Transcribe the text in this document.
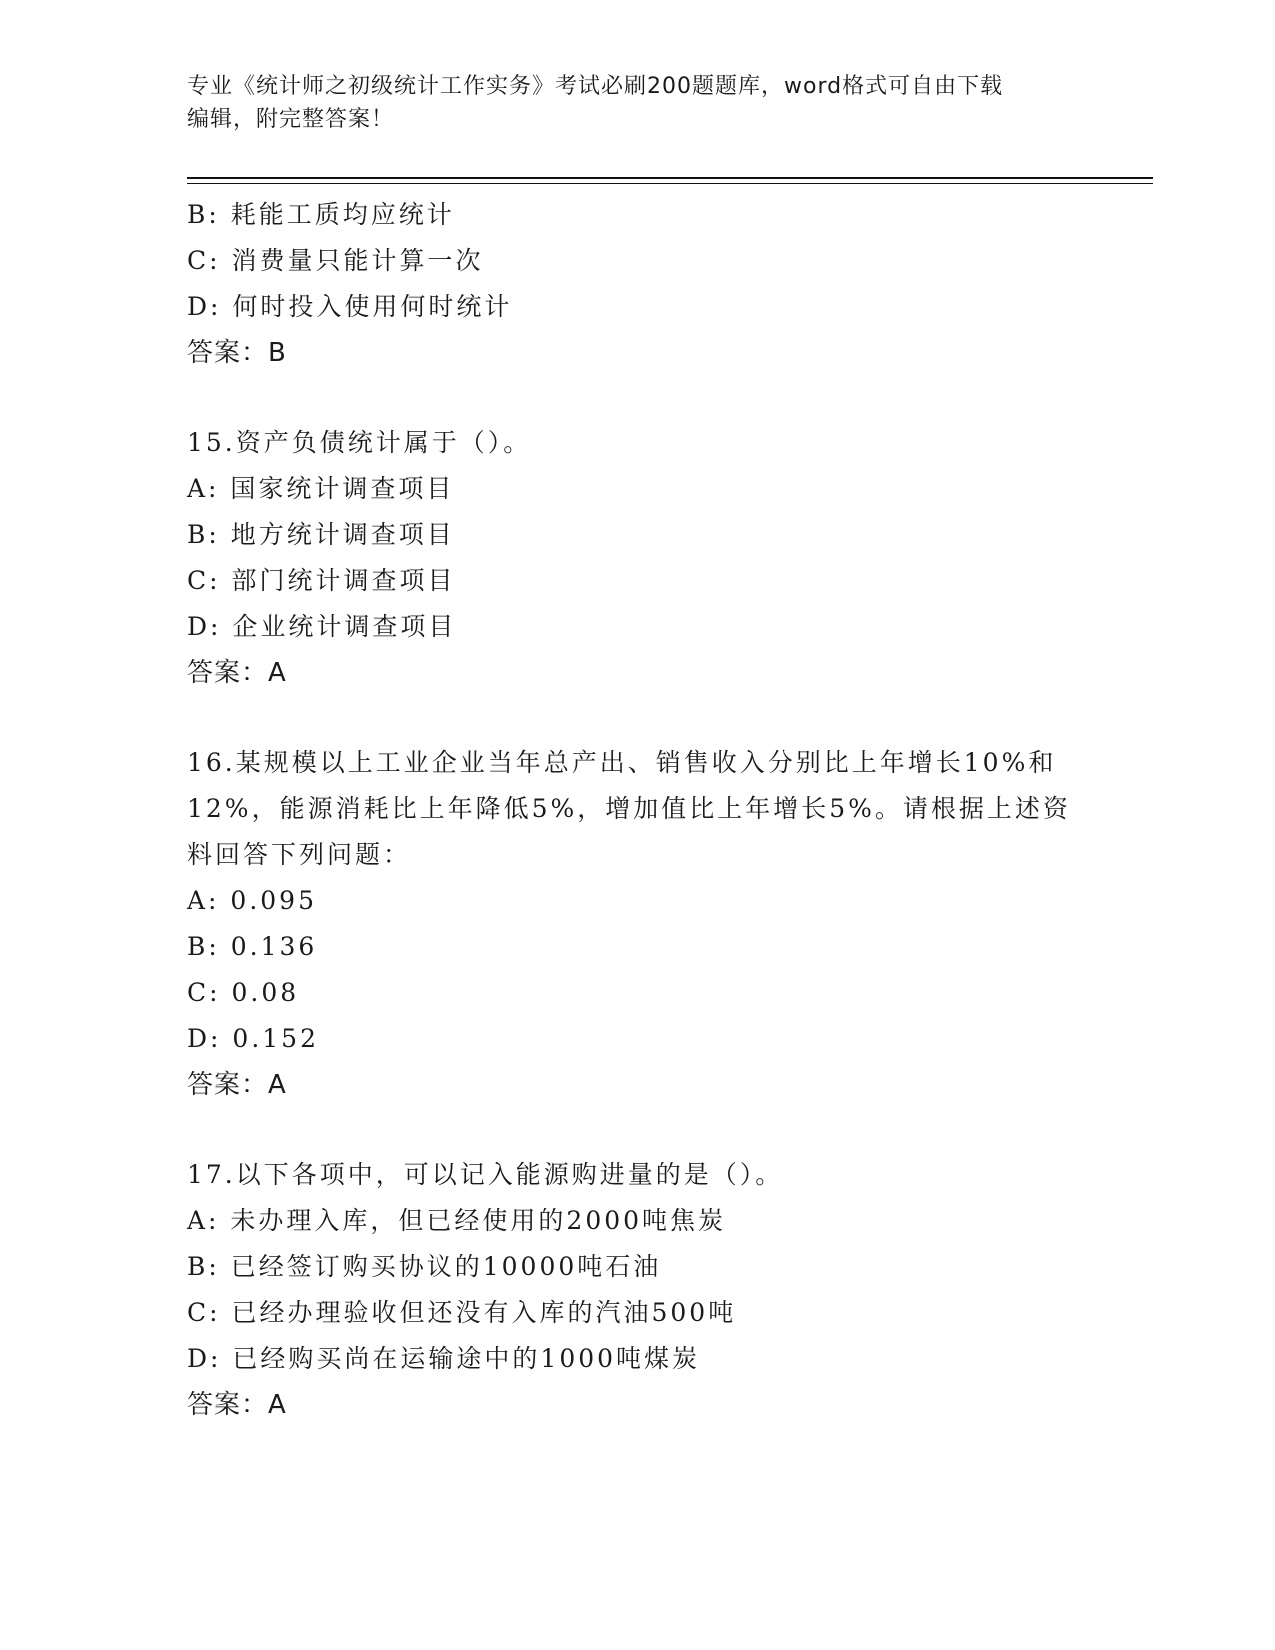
专业《统计师之初级统计工作实务》考试必刷200题题库，word格式可自由下载
编辑，附完整答案！
B: 耗能工质均应统计
C: 消费量只能计算一次
D: 何时投入使用何时统计
答案：B
15.资产负债统计属于（）。
A: 国家统计调查项目
B: 地方统计调查项目
C: 部门统计调查项目
D: 企业统计调查项目
答案：A
16.某规模以上工业企业当年总产出、销售收入分别比上年增长10%和
12%，能源消耗比上年降低5%，增加值比上年增长5%。请根据上述资
料回答下列问题：
A: 0.095
B: 0.136
C: 0.08
D: 0.152
答案：A
17.以下各项中，可以记入能源购进量的是（）。
A: 未办理入库，但已经使用的2000吨焦炭
B: 已经签订购买协议的10000吨石油
C: 已经办理验收但还没有入库的汽油500吨
D: 已经购买尚在运输途中的1000吨煤炭
答案：A
